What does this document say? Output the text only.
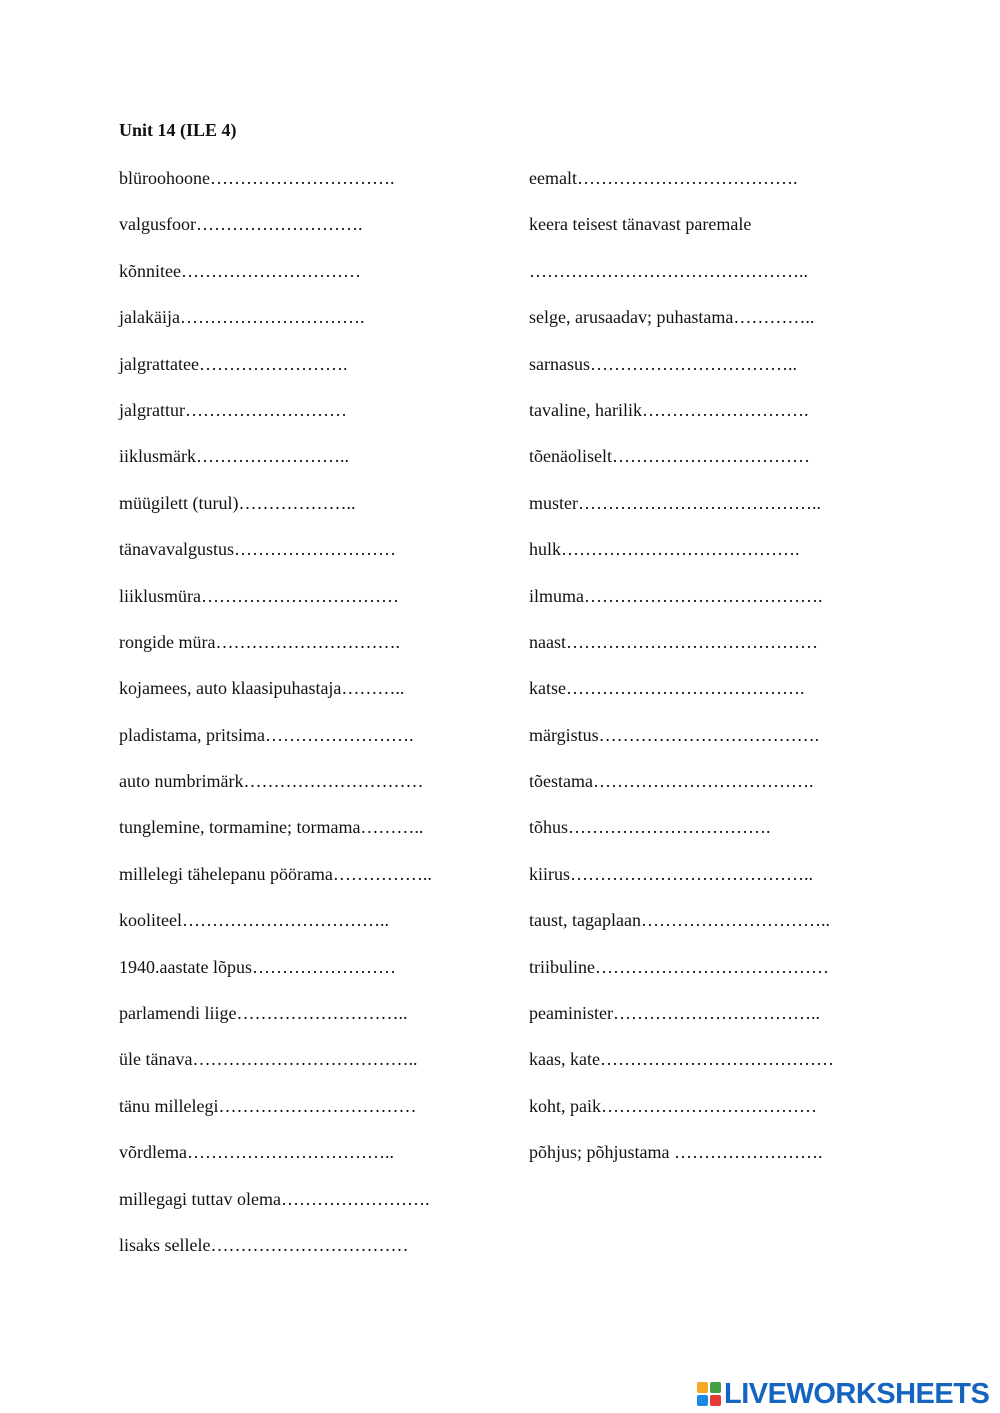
Unit 14 (ILE 4)
blüroohoone………………………….
valgusfoor……………………….
kõnnitee…………………………
jalakäija………………………….
jalgrattatee…………………….
jalgrattur………………………
iiklusmärk……………………..
müügilett (turul)………………..
tänavavalgustus………………………
liiklusmüra……………………………
rongide müra………………………….
kojamees, auto klaasipuhastaja………..
pladistama, pritsima…………………….
auto numbrimärk…………………………
tunglemine, tormamine; tormama………..
millelegi tähelepanu pöörama……………..
kooliteel……………………………..
1940.aastate lõpus……………………
parlamendi liige………………………..
üle tänava………………………………..
tänu millelegi……………………………
võrdlema……………………………..
millegagi tuttav olema…………………….
lisaks sellele……………………………
eemalt……………………………….
keera teisest tänavast paremale
………………………………………..
selge, arusaadav; puhastama…………..
sarnasus……………………………..
tavaline, harilik……………………….
tõenäoliselt……………………………
muster…………………………………..
hulk………………………………….
ilmuma………………………………….
naast……………………………………
katse………………………………….
märgistus……………………………….
tõestama……………………………….
tõhus…………………………….
kiirus…………………………………..
taust, tagaplaan…………………………..
triibuline…………………………………
peaminister……………………………..
kaas, kate…………………………………
koht, paik………………………………
põhjus; põhjustama …………………….
LIVEWORKSHEETS
